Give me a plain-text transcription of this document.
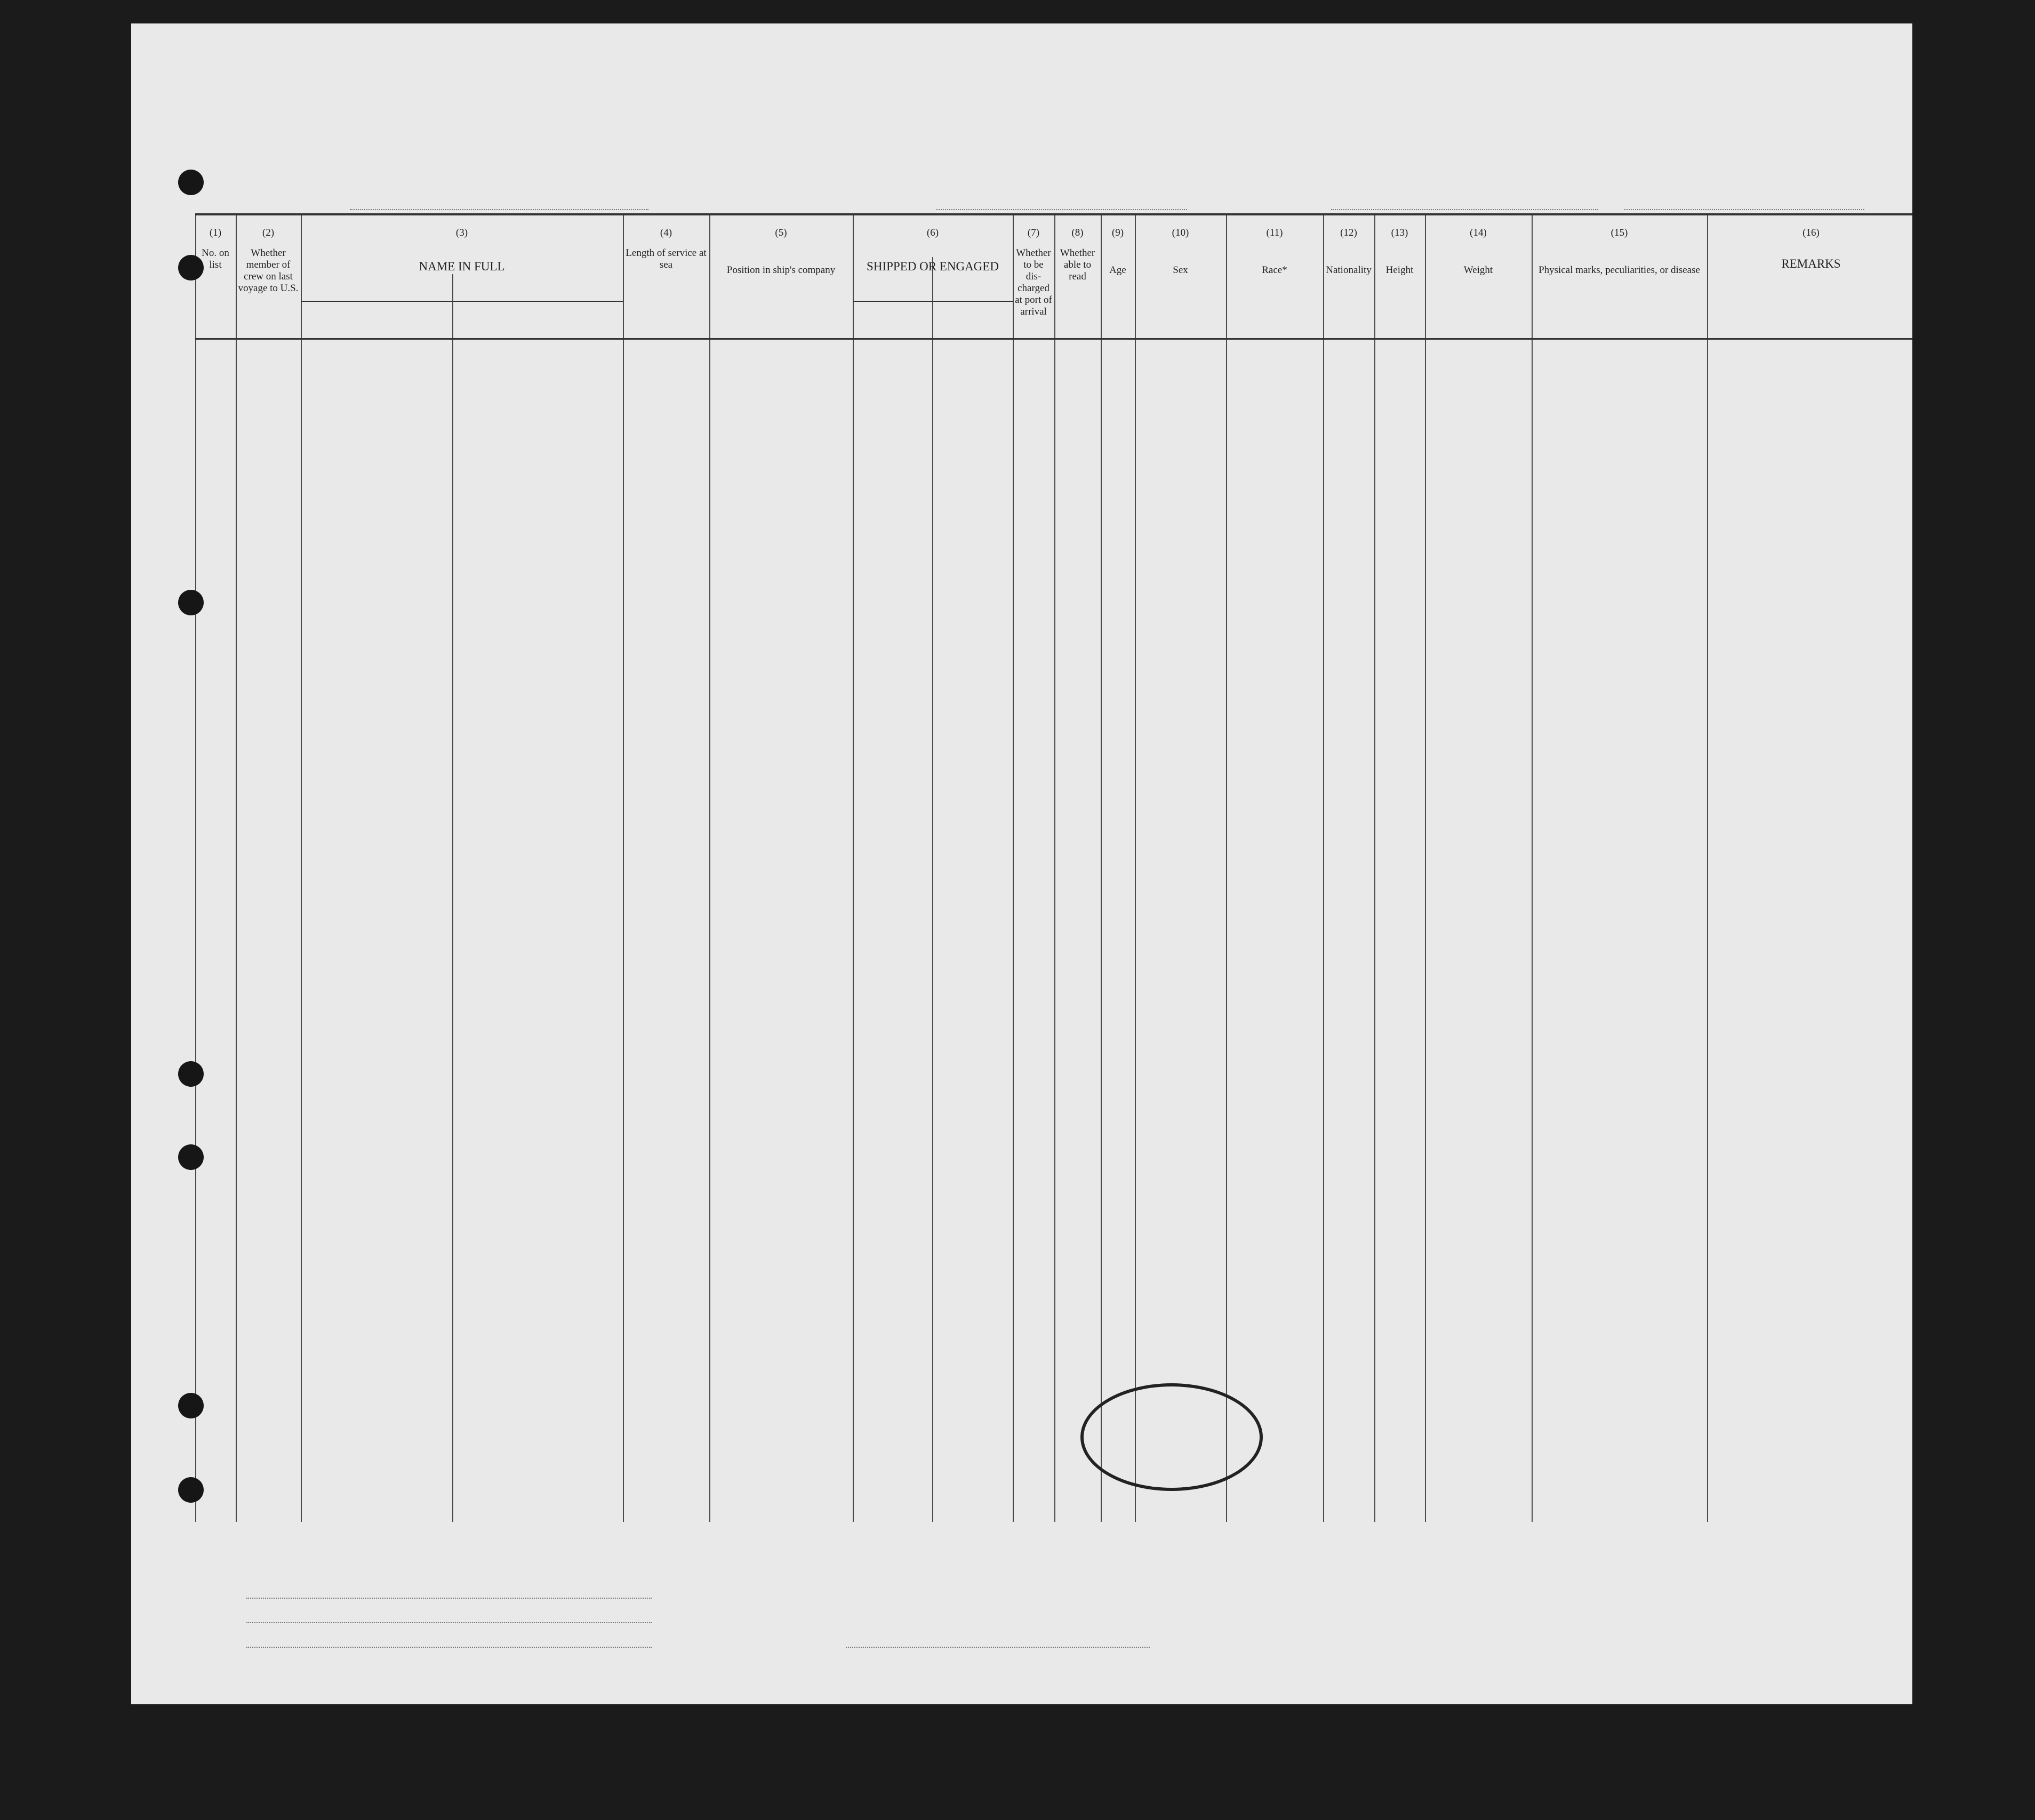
(1)
No. on list
(2)
Whether member of crew on last voyage to U.S.
(3)
NAME IN FULL
(4)
Length of service at sea
(5)
Position in ship's company
(6)
SHIPPED OR ENGAGED
(7)
Whether to be dis-charged at port of arrival
(8)
Whether able to read
(9)
Age
(10)
Sex
(11)
Race*
(12)
Nationality
(13)
Height
(14)
Weight
(15)
Physical marks, peculiarities, or disease
(16)
REMARKS
